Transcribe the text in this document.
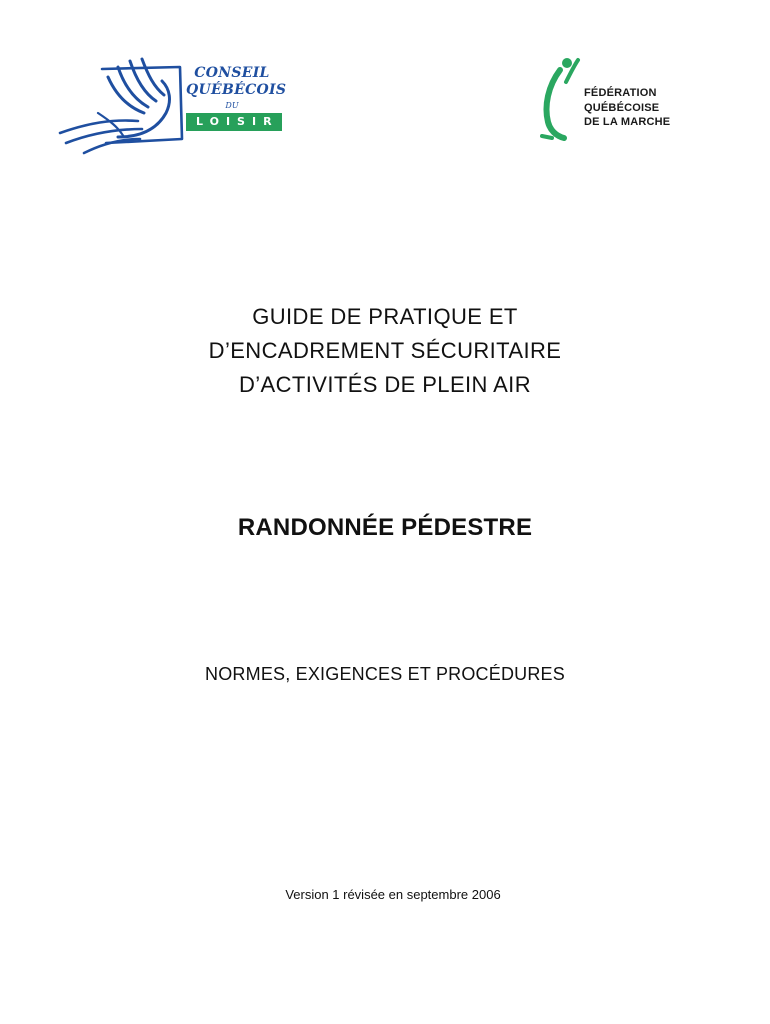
CONSEIL
QUÉBÉCOIS
DU
LOISIR
FÉDÉRATION
QUÉBÉCOISE
DE LA MARCHE
GUIDE DE PRATIQUE ET
D’ENCADREMENT SÉCURITAIRE
D’ACTIVITÉS DE PLEIN AIR
RANDONNÉE PÉDESTRE
NORMES, EXIGENCES ET PROCÉDURES
Version 1 révisée en septembre 2006
